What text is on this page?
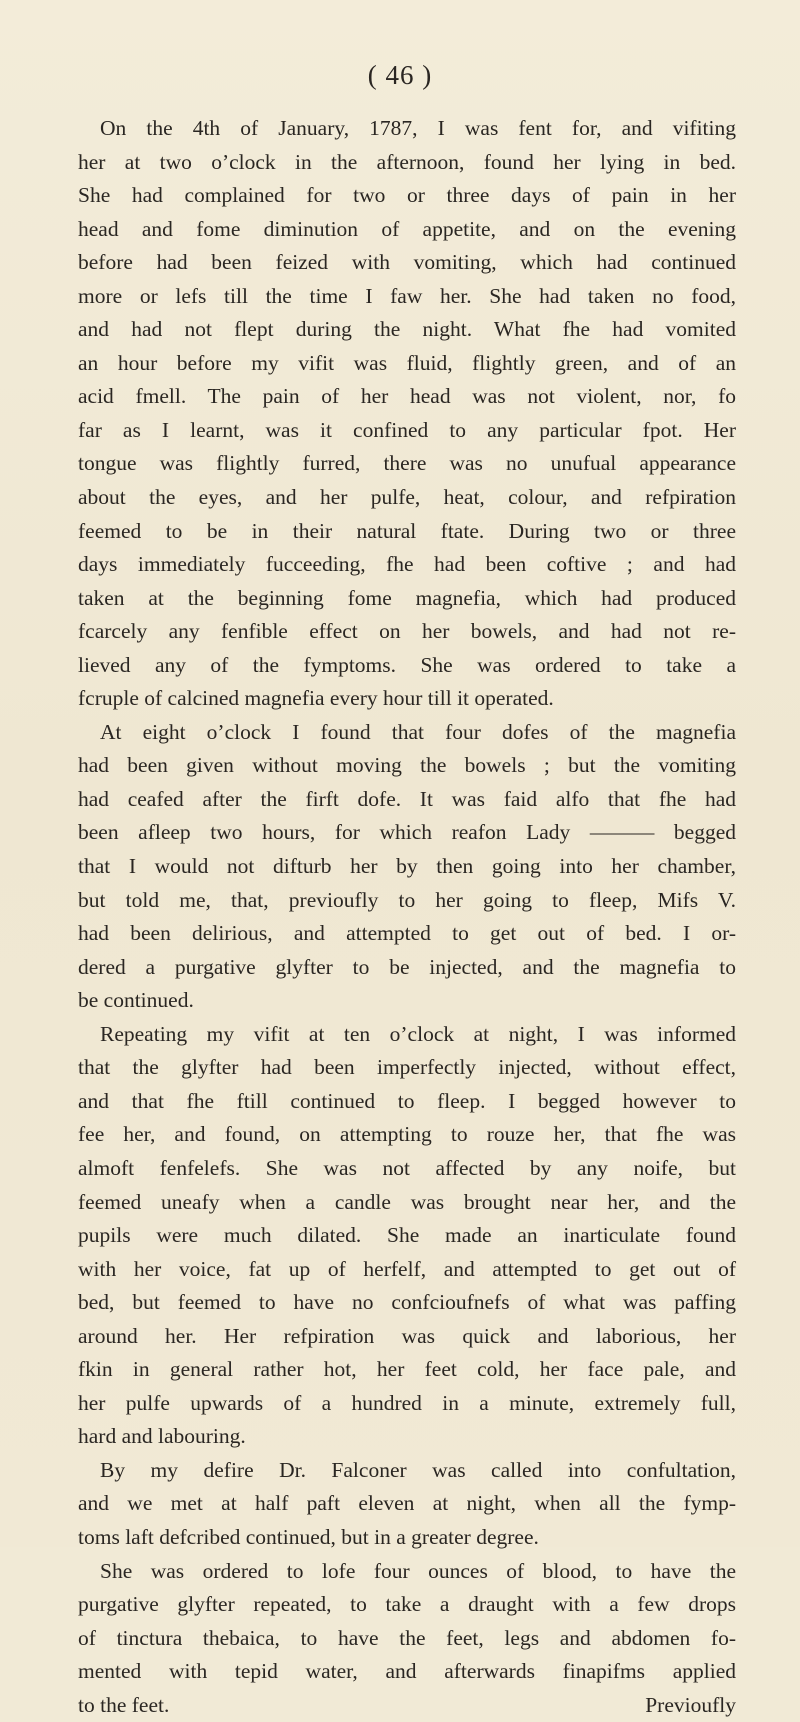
( 46 )
On the 4th of January, 1787, I was fent for, and vifiting
her at two o’clock in the afternoon, found her lying in bed.
She had complained for two or three days of pain in her
head and fome diminution of appetite, and on the evening
before had been feized with vomiting, which had continued
more or lefs till the time I faw her. She had taken no food,
and had not flept during the night. What fhe had vomited
an hour before my vifit was fluid, flightly green, and of an
acid fmell. The pain of her head was not violent, nor, fo
far as I learnt, was it confined to any particular fpot. Her
tongue was flightly furred, there was no unufual appearance
about the eyes, and her pulfe, heat, colour, and refpiration
feemed to be in their natural ftate. During two or three
days immediately fucceeding, fhe had been coftive ; and had
taken at the beginning fome magnefia, which had produced
fcarcely any fenfible effect on her bowels, and had not re-
lieved any of the fymptoms. She was ordered to take a
fcruple of calcined magnefia every hour till it operated.
At eight o’clock I found that four dofes of the magnefia
had been given without moving the bowels ; but the vomiting
had ceafed after the firft dofe. It was faid alfo that fhe had
been afleep two hours, for which reafon Lady ——— begged
that I would not difturb her by then going into her chamber,
but told me, that, previoufly to her going to fleep, Mifs V.
had been delirious, and attempted to get out of bed. I or-
dered a purgative glyfter to be injected, and the magnefia to
be continued.
Repeating my vifit at ten o’clock at night, I was informed
that the glyfter had been imperfectly injected, without effect,
and that fhe ftill continued to fleep. I begged however to
fee her, and found, on attempting to rouze her, that fhe was
almoft fenfelefs. She was not affected by any noife, but
feemed uneafy when a candle was brought near her, and the
pupils were much dilated. She made an inarticulate found
with her voice, fat up of herfelf, and attempted to get out of
bed, but feemed to have no confcioufnefs of what was paffing
around her. Her refpiration was quick and laborious, her
fkin in general rather hot, her feet cold, her face pale, and
her pulfe upwards of a hundred in a minute, extremely full,
hard and labouring.
By my defire Dr. Falconer was called into confultation,
and we met at half paft eleven at night, when all the fymp-
toms laft defcribed continued, but in a greater degree.
She was ordered to lofe four ounces of blood, to have the
purgative glyfter repeated, to take a draught with a few drops
of tinctura thebaica, to have the feet, legs and abdomen fo-
mented with tepid water, and afterwards finapifms applied
to the feet.	Previoufly
